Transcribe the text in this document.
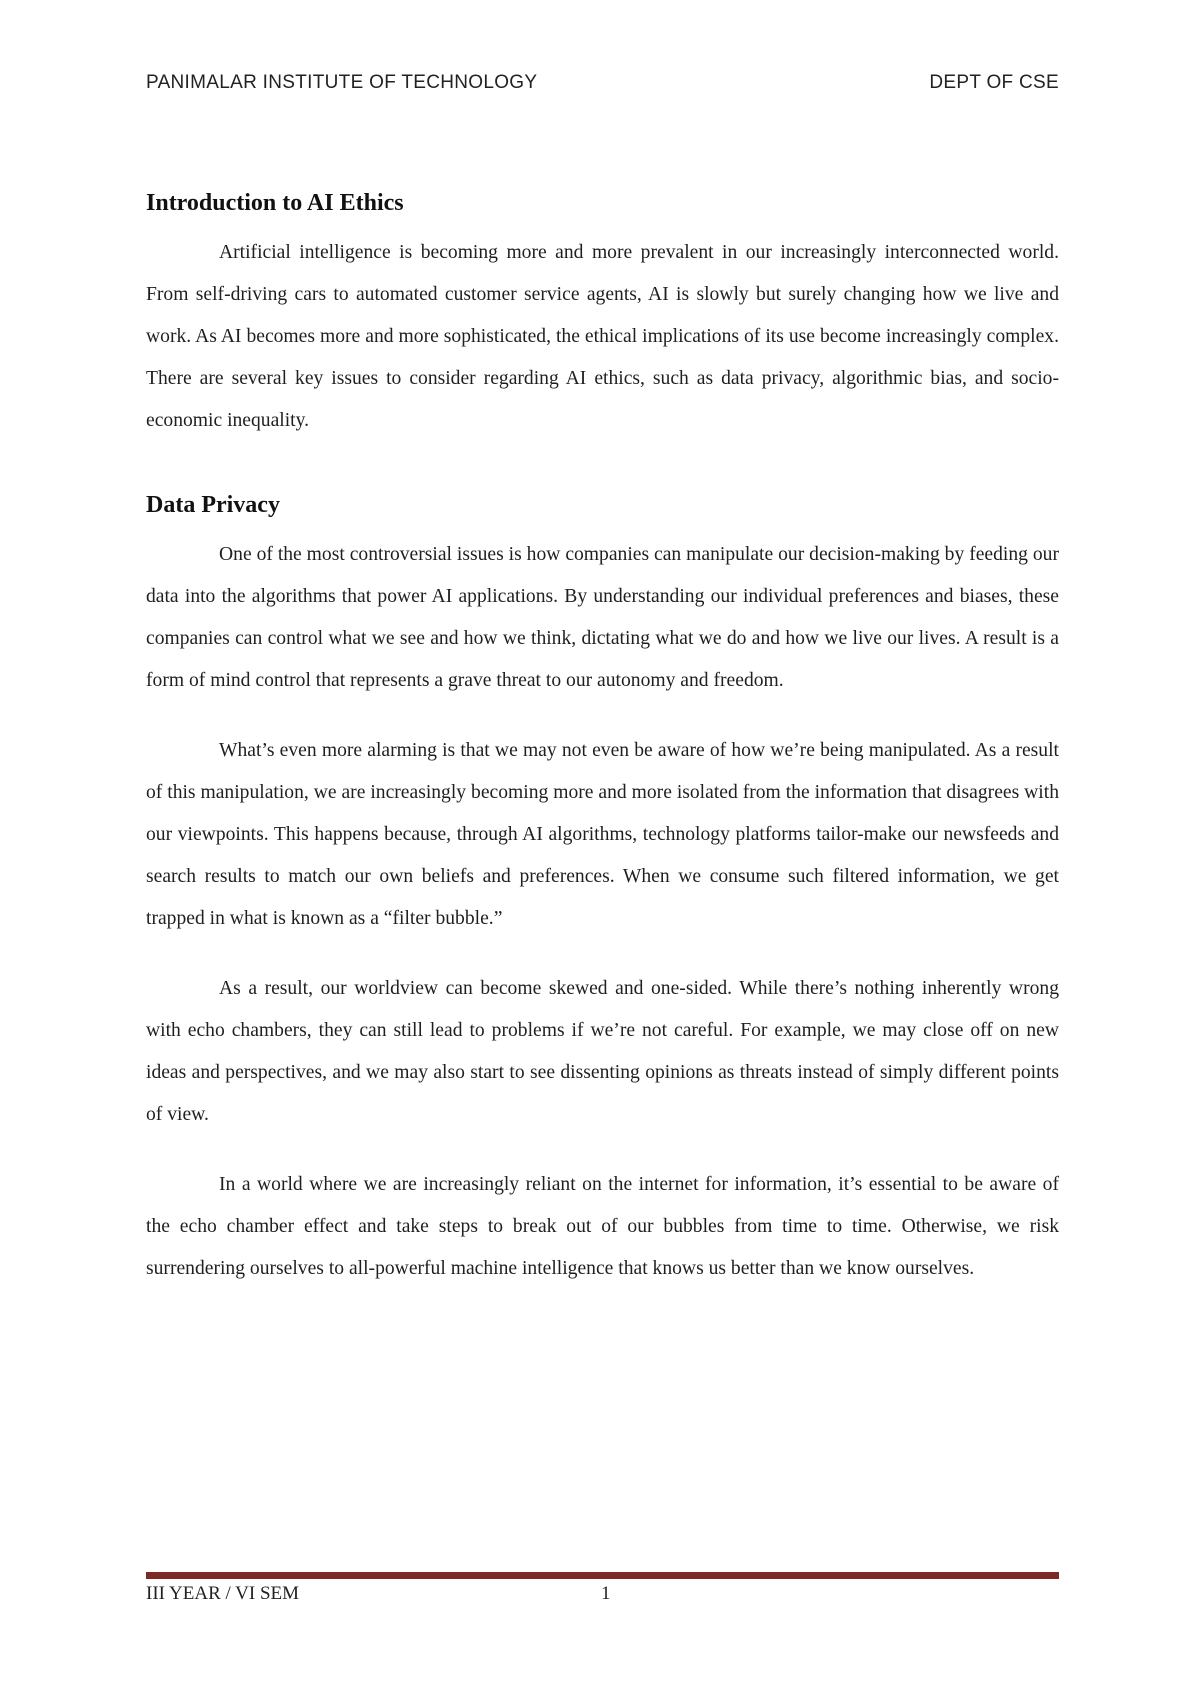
PANIMALAR INSTITUTE OF TECHNOLOGY	DEPT OF CSE
Introduction to AI Ethics

Artificial intelligence is becoming more and more prevalent in our increasingly interconnected world. From self-driving cars to automated customer service agents, AI is slowly but surely changing how we live and work. As AI becomes more and more sophisticated, the ethical implications of its use become increasingly complex. There are several key issues to consider regarding AI ethics, such as data privacy, algorithmic bias, and socio-economic inequality.

Data Privacy

One of the most controversial issues is how companies can manipulate our decision-making by feeding our data into the algorithms that power AI applications. By understanding our individual preferences and biases, these companies can control what we see and how we think, dictating what we do and how we live our lives. A result is a form of mind control that represents a grave threat to our autonomy and freedom.

What’s even more alarming is that we may not even be aware of how we’re being manipulated. As a result of this manipulation, we are increasingly becoming more and more isolated from the information that disagrees with our viewpoints. This happens because, through AI algorithms, technology platforms tailor-make our newsfeeds and search results to match our own beliefs and preferences. When we consume such filtered information, we get trapped in what is known as a “filter bubble.”

As a result, our worldview can become skewed and one-sided. While there’s nothing inherently wrong with echo chambers, they can still lead to problems if we’re not careful. For example, we may close off on new ideas and perspectives, and we may also start to see dissenting opinions as threats instead of simply different points of view.

In a world where we are increasingly reliant on the internet for information, it’s essential to be aware of the echo chamber effect and take steps to break out of our bubbles from time to time. Otherwise, we risk surrendering ourselves to all-powerful machine intelligence that knows us better than we know ourselves.

III YEAR / VI SEM	1
